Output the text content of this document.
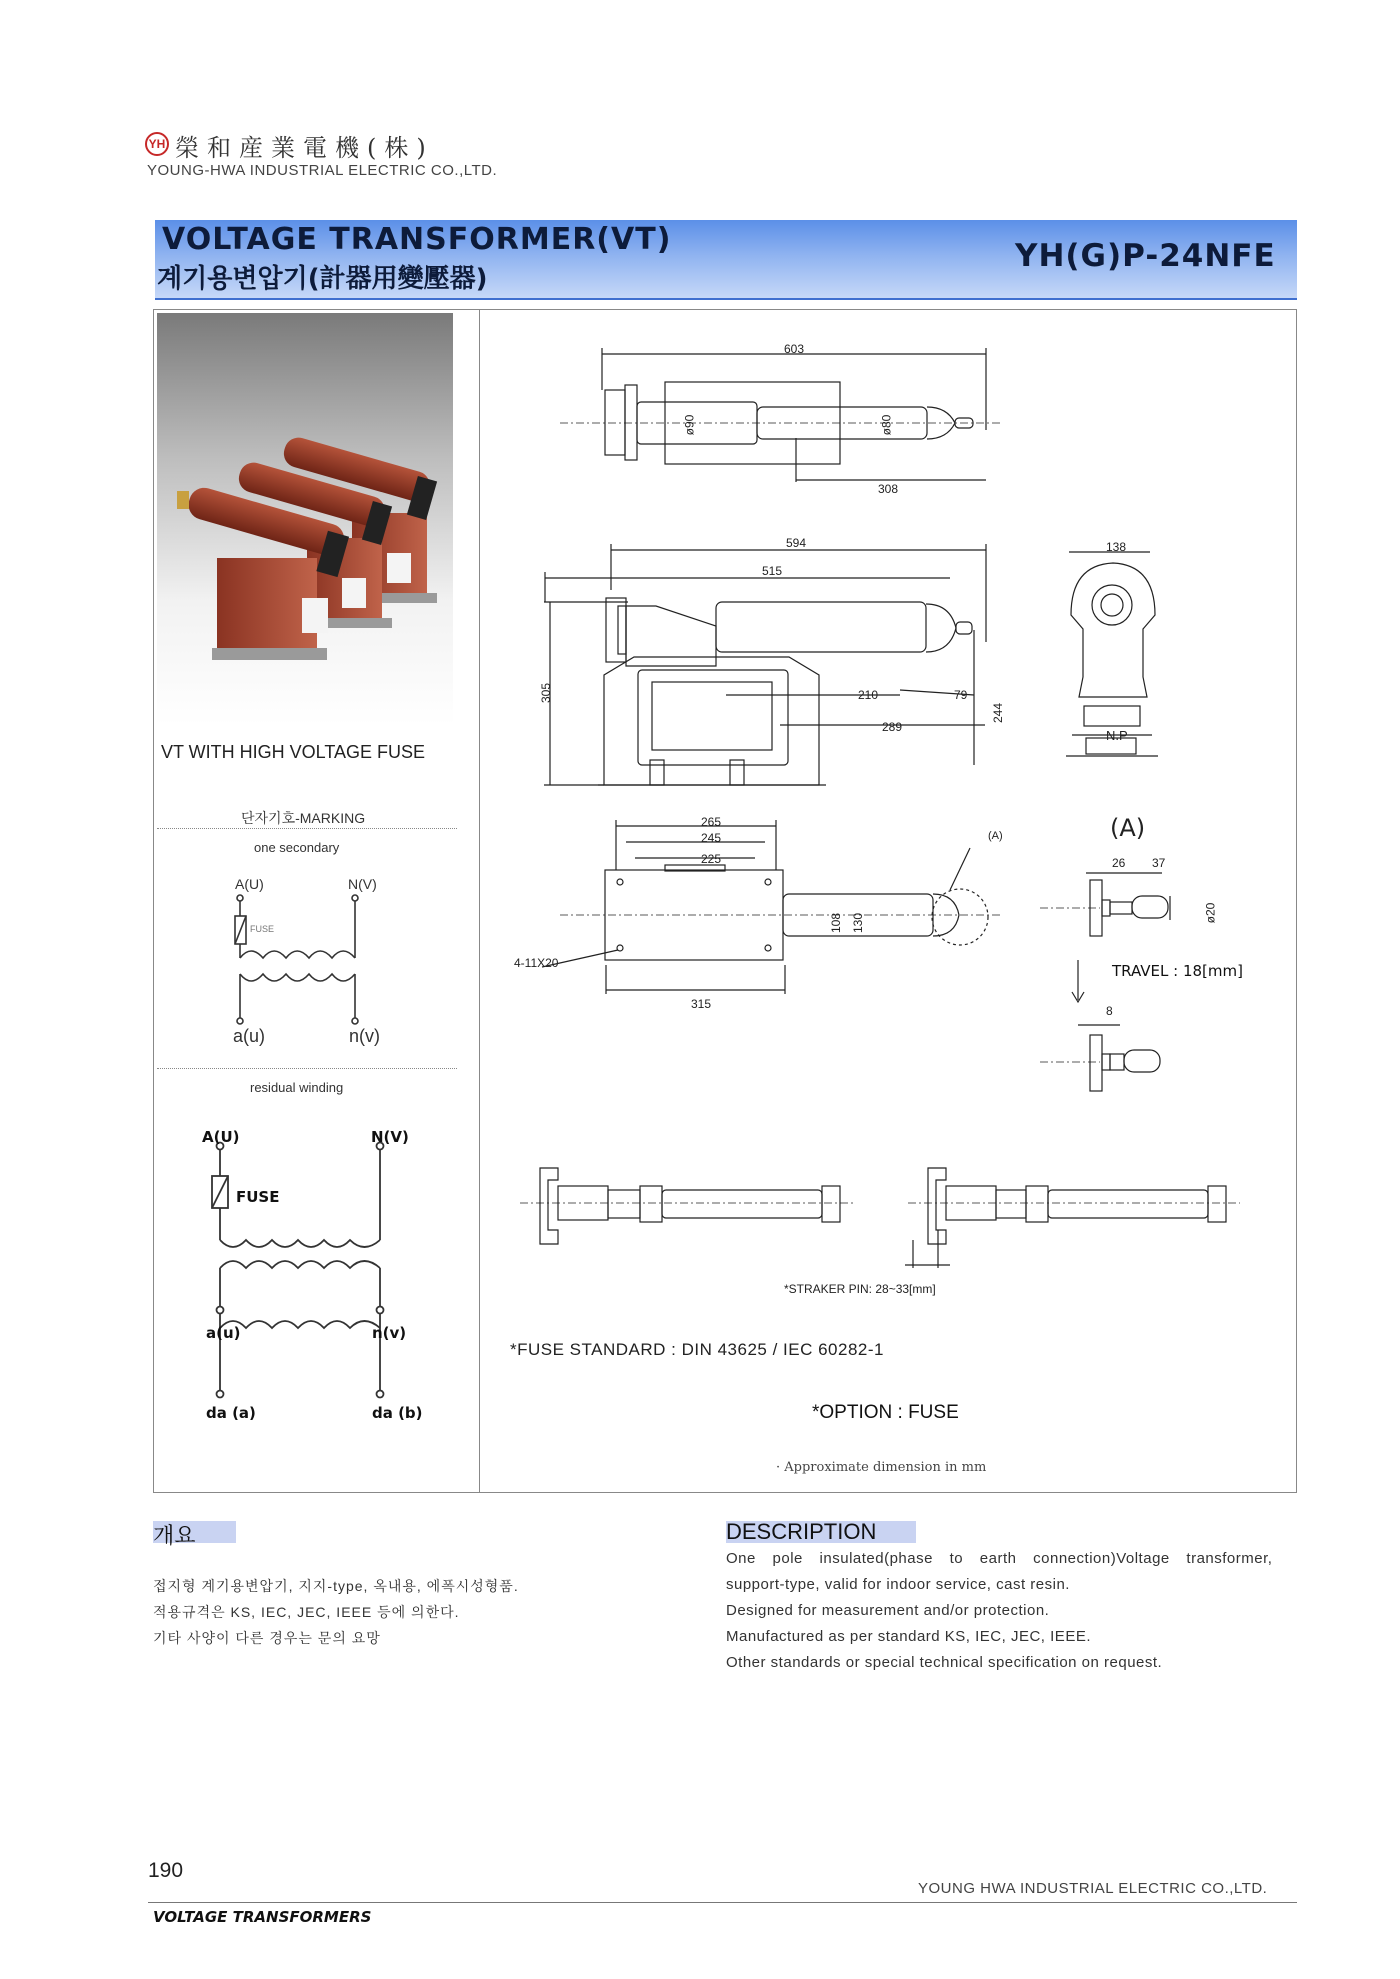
YH 榮和産業電機(株)
YOUNG-HWA INDUSTRIAL ELECTRIC CO.,LTD.
VOLTAGE TRANSFORMER(VT)
계기용변압기(計器用變壓器)
YH(G)P-24NFE
VT WITH HIGH VOLTAGE FUSE
단자기호-MARKING
one secondary
A(U)	N(V)
FUSE
a(u)	n(v)
residual winding
A(U)	N(V)
FUSE
a(u)	n(v)
da (a)	da (b)
603
ø90	ø80
308
594
515
305	210	79
289
244
138
N.P
265
245
225
108 130
4-11X20
315
(A)	(A)
26 37
ø20
TRAVEL : 18[mm]
8
*STRAKER PIN: 28~33[mm]
*FUSE STANDARD : DIN 43625 / IEC 60282-1
*OPTION : FUSE
· Approximate dimension in mm
개요
접지형 계기용변압기, 지지-type, 옥내용, 에폭시성형품.
적용규격은 KS, IEC, JEC, IEEE 등에 의한다.
기타 사양이 다른 경우는 문의 요망
DESCRIPTION
One pole insulated(phase to earth connection)Voltage transformer,
support-type, valid for indoor service, cast resin.
Designed for measurement and/or protection.
Manufactured as per standard KS, IEC, JEC, IEEE.
Other standards or special technical specification on request.
190
YOUNG HWA INDUSTRIAL ELECTRIC CO.,LTD.
VOLTAGE TRANSFORMERS
